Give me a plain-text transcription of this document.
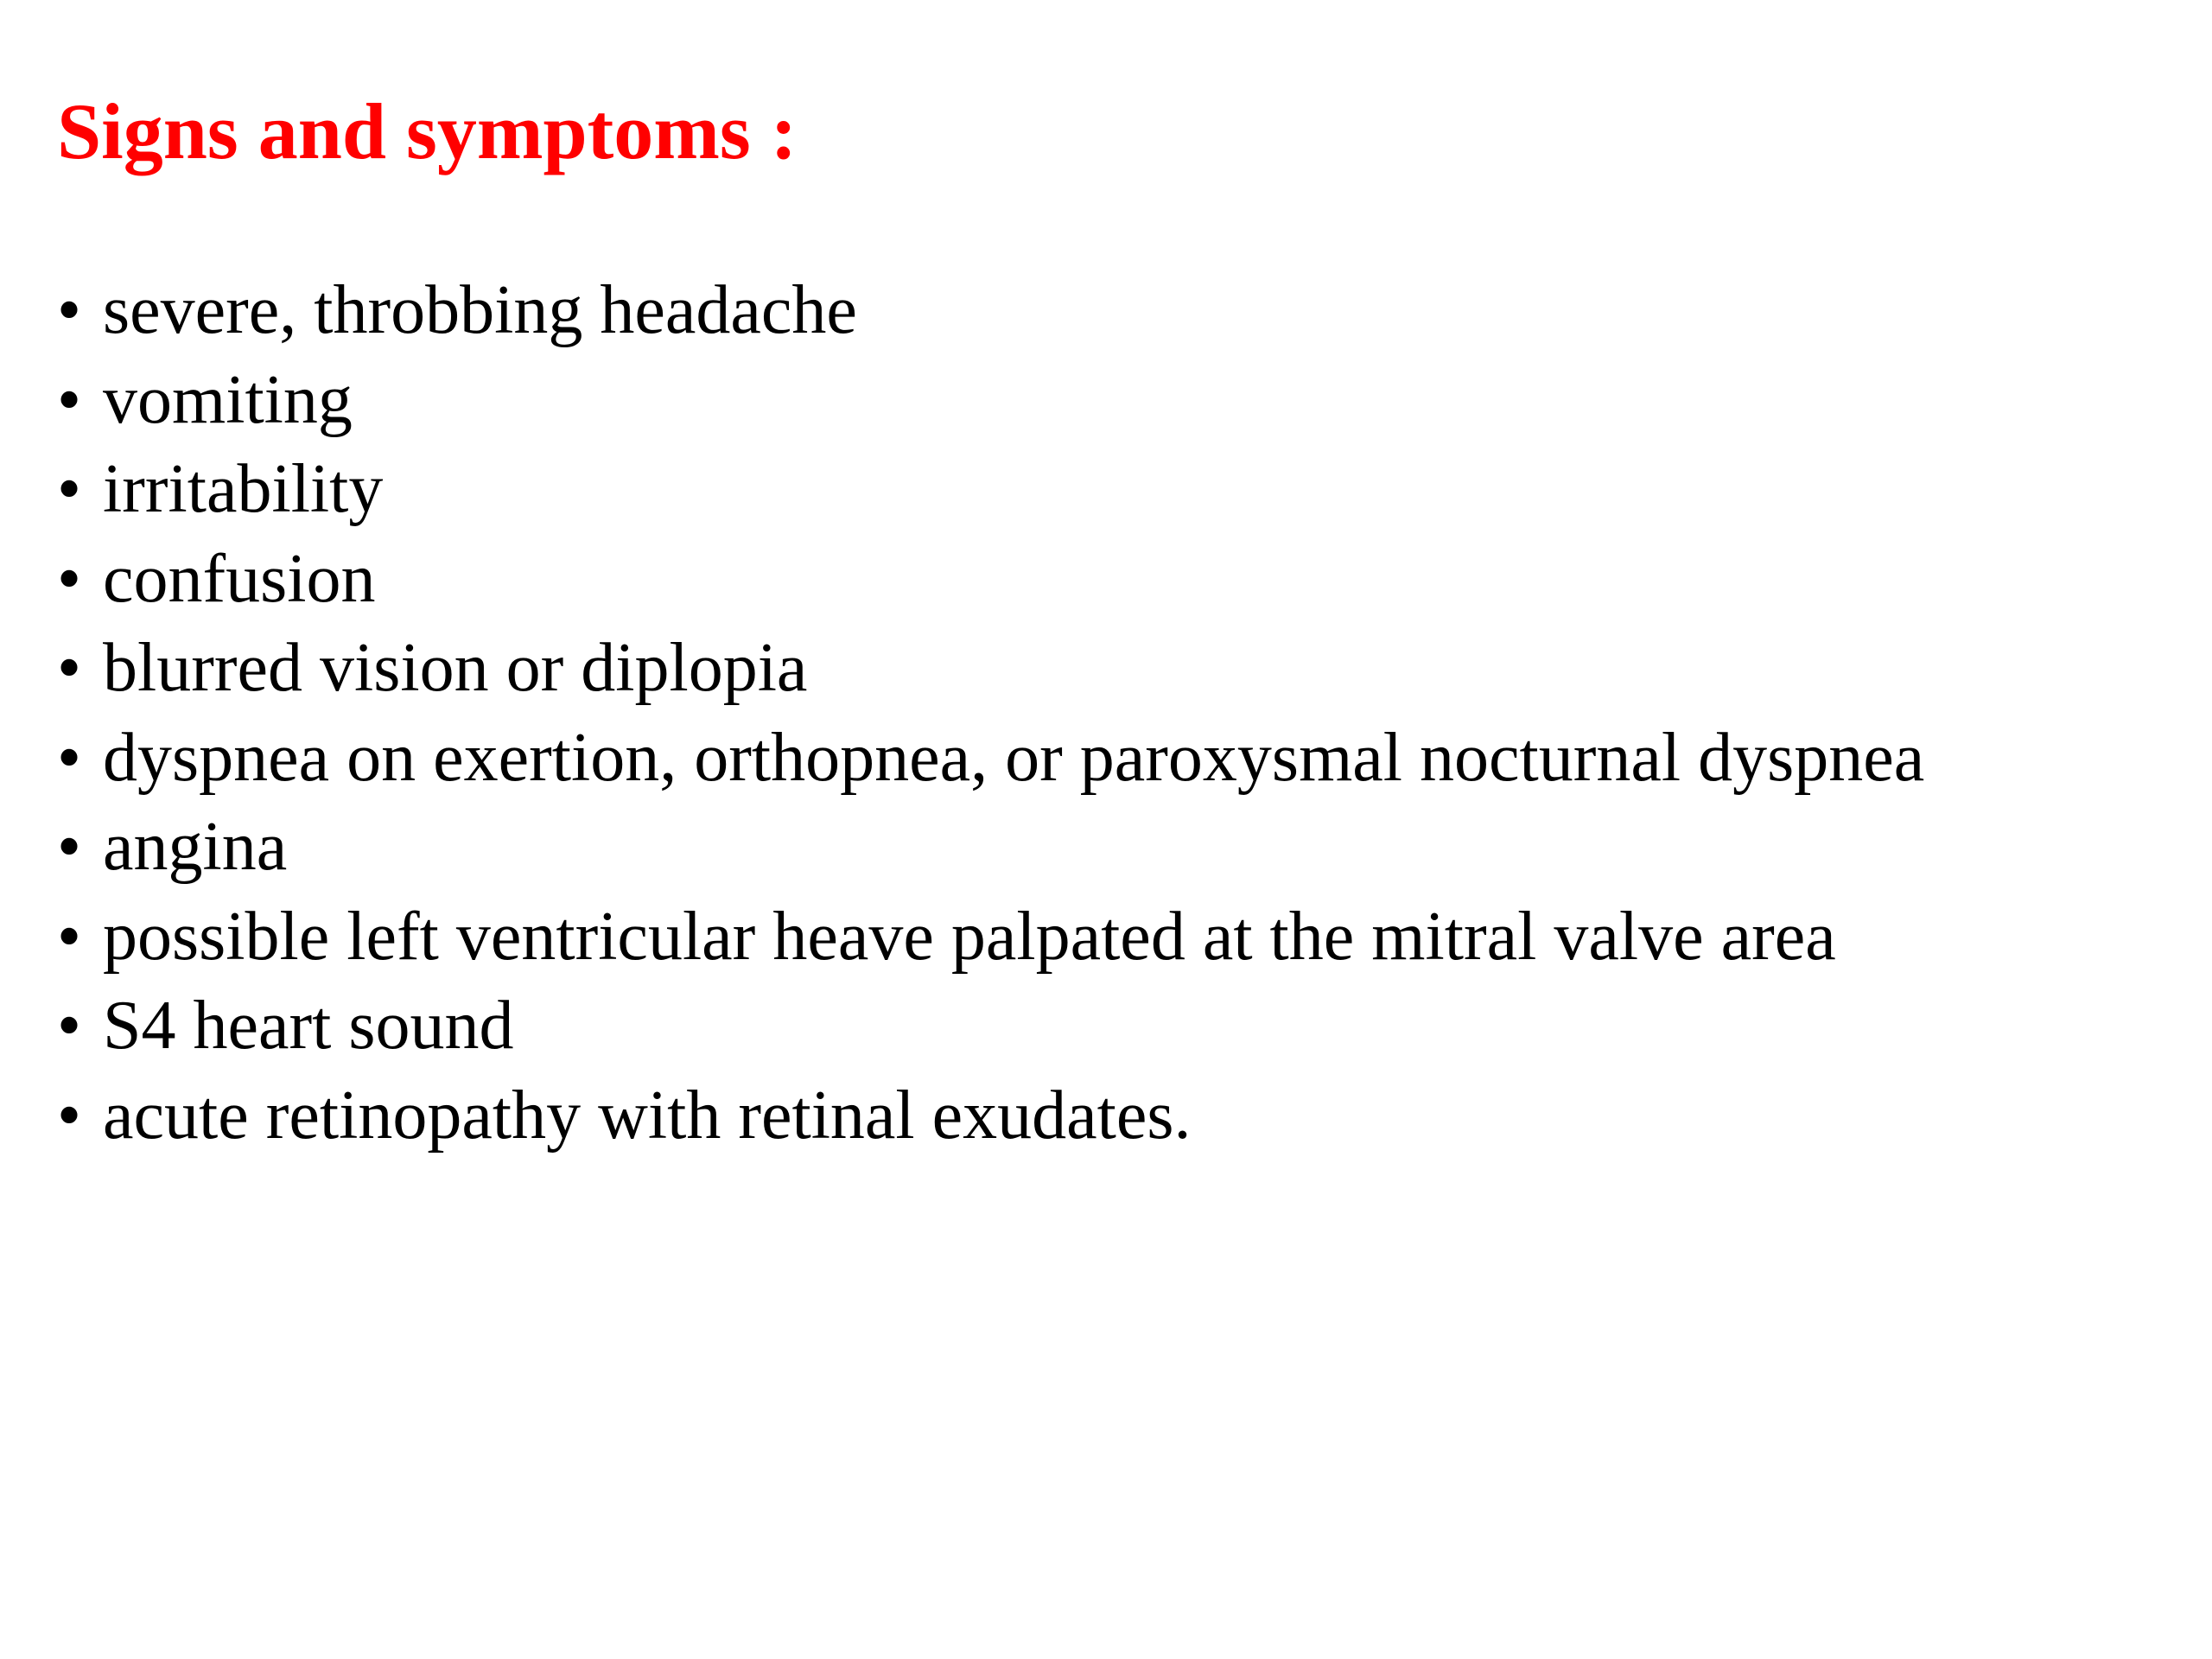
Signs and symptoms :
• severe, throbbing headache
• vomiting
• irritability
• confusion
• blurred vision or diplopia
• dyspnea on exertion, orthopnea, or paroxysmal nocturnal dyspnea
• angina
• possible left ventricular heave palpated at the mitral valve area
• S4 heart sound
• acute retinopathy with retinal exudates.
